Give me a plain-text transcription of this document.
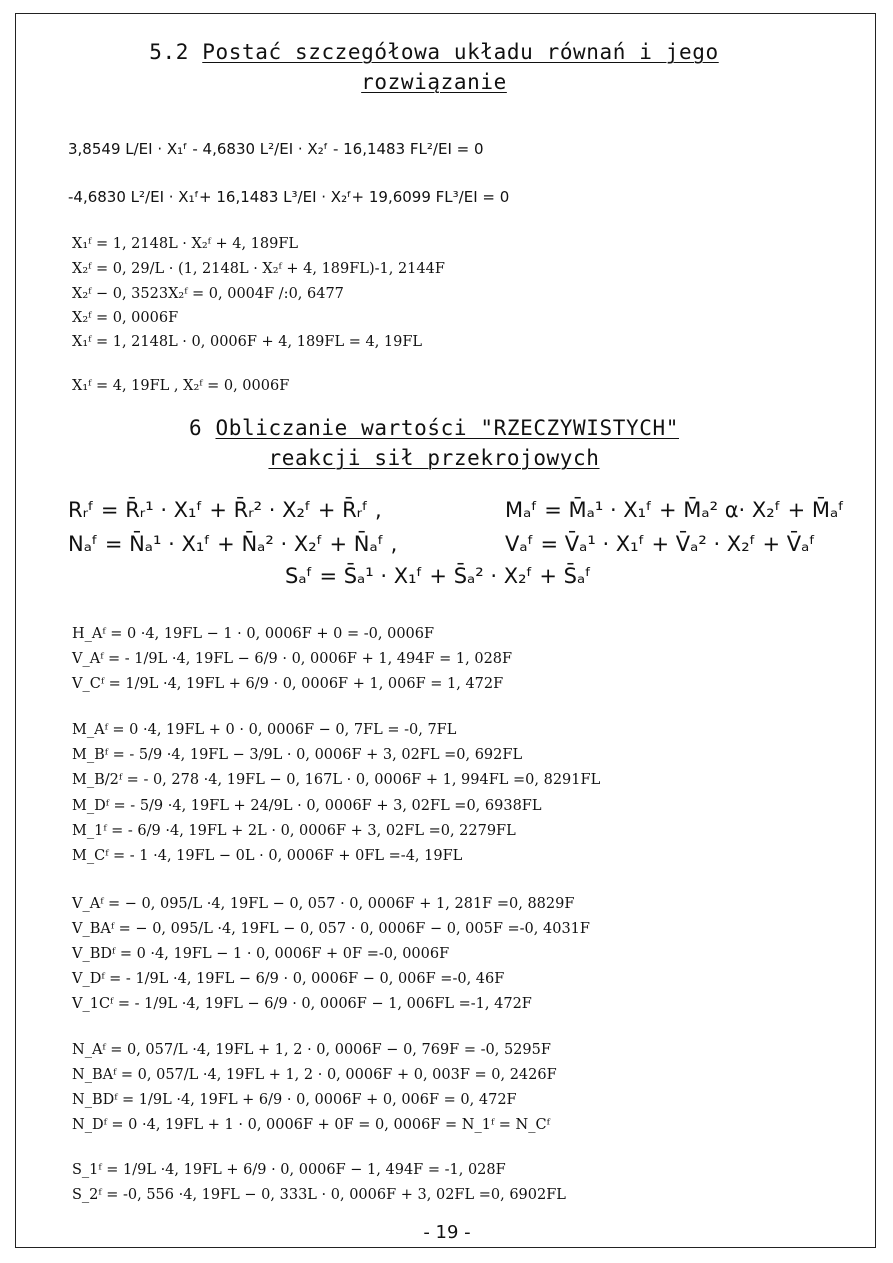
5.2 Postać szczegółowa układu równań i jego
rozwiązanie
3,8549 L/EI · X₁ᶠ - 4,6830 L²/EI · X₂ᶠ - 16,1483 FL²/EI = 0
-4,6830 L²/EI · X₁ᶠ+ 16,1483 L³/EI · X₂ᶠ+ 19,6099 FL³/EI = 0
X₁ᶠ = 1, 2148L · X₂ᶠ + 4, 189FL
X₂ᶠ = 0, 29/L · (1, 2148L · X₂ᶠ + 4, 189FL)-1, 2144F
X₂ᶠ − 0, 3523X₂ᶠ = 0, 0004F /:0, 6477
X₂ᶠ = 0, 0006F
X₁ᶠ = 1, 2148L · 0, 0006F + 4, 189FL = 4, 19FL
X₁ᶠ = 4, 19FL , X₂ᶠ = 0, 0006F
6 Obliczanie wartości "RZECZYWISTYCH"
reakcji sił przekrojowych
Rᵣᶠ = R̄ᵣ¹ · X₁ᶠ + R̄ᵣ² · X₂ᶠ + R̄ᵣᶠ ,	Mₐᶠ = M̄ₐ¹ · X₁ᶠ + M̄ₐ² α· X₂ᶠ + M̄ₐᶠ
Nₐᶠ = N̄ₐ¹ · X₁ᶠ + N̄ₐ² · X₂ᶠ + N̄ₐᶠ ,	Vₐᶠ = V̄ₐ¹ · X₁ᶠ + V̄ₐ² · X₂ᶠ + V̄ₐᶠ
Sₐᶠ = S̄ₐ¹ · X₁ᶠ + S̄ₐ² · X₂ᶠ + S̄ₐᶠ
H_Aᶠ = 0 ·4, 19FL − 1 · 0, 0006F + 0 = -0, 0006F
V_Aᶠ = - 1/9L ·4, 19FL − 6/9 · 0, 0006F + 1, 494F = 1, 028F
V_Cᶠ = 1/9L ·4, 19FL + 6/9 · 0, 0006F + 1, 006F = 1, 472F
M_Aᶠ = 0 ·4, 19FL + 0 · 0, 0006F − 0, 7FL = -0, 7FL
M_Bᶠ = - 5/9 ·4, 19FL − 3/9L · 0, 0006F + 3, 02FL =0, 692FL
M_B/2ᶠ = - 0, 278 ·4, 19FL − 0, 167L · 0, 0006F + 1, 994FL =0, 8291FL
M_Dᶠ = - 5/9 ·4, 19FL + 24/9L · 0, 0006F + 3, 02FL =0, 6938FL
M_1ᶠ = - 6/9 ·4, 19FL + 2L · 0, 0006F + 3, 02FL =0, 2279FL
M_Cᶠ = - 1 ·4, 19FL − 0L · 0, 0006F + 0FL =-4, 19FL
V_Aᶠ = − 0, 095/L ·4, 19FL − 0, 057 · 0, 0006F + 1, 281F =0, 8829F
V_BAᶠ = − 0, 095/L ·4, 19FL − 0, 057 · 0, 0006F − 0, 005F =-0, 4031F
V_BDᶠ = 0 ·4, 19FL − 1 · 0, 0006F + 0F =-0, 0006F
V_Dᶠ = - 1/9L ·4, 19FL − 6/9 · 0, 0006F − 0, 006F =-0, 46F
V_1Cᶠ = - 1/9L ·4, 19FL − 6/9 · 0, 0006F − 1, 006FL =-1, 472F
N_Aᶠ = 0, 057/L ·4, 19FL + 1, 2 · 0, 0006F − 0, 769F = -0, 5295F
N_BAᶠ = 0, 057/L ·4, 19FL + 1, 2 · 0, 0006F + 0, 003F = 0, 2426F
N_BDᶠ = 1/9L ·4, 19FL + 6/9 · 0, 0006F + 0, 006F = 0, 472F
N_Dᶠ = 0 ·4, 19FL + 1 · 0, 0006F + 0F = 0, 0006F = N_1ᶠ = N_Cᶠ
S_1ᶠ = 1/9L ·4, 19FL + 6/9 · 0, 0006F − 1, 494F = -1, 028F
S_2ᶠ = -0, 556 ·4, 19FL − 0, 333L · 0, 0006F + 3, 02FL =0, 6902FL
- 19 -
